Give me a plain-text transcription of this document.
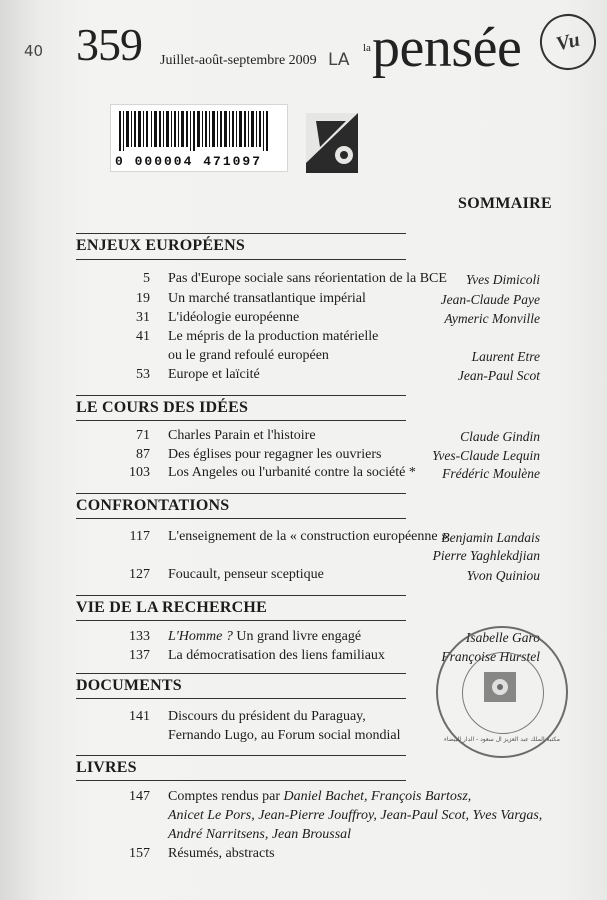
40 359 Juillet-août-septembre 2009 LA
la pensée	Vu
0 000004 471097
SOMMAIRE
ENJEUX EUROPÉENS
5 Pas d'Europe sociale sans réorientation de la BCE	Yves Dimicoli
19 Un marché transatlantique impérial	Jean-Claude Paye
31 L'idéologie européenne	Aymeric Monville
41 Le mépris de la production matérielle
ou le grand refoulé européen	Laurent Etre
53 Europe et laïcité	Jean-Paul Scot
LE COURS DES IDÉES
71 Charles Parain et l'histoire	Claude Gindin
87 Des églises pour regagner les ouvriers	Yves-Claude Lequin
103 Los Angeles ou l'urbanité contre la société *	Frédéric Moulène
CONFRONTATIONS
117 L'enseignement de la « construction européenne »
Benjamin Landais
Pierre Yaghlekdjian
127 Foucault, penseur sceptique	Yvon Quiniou
VIE DE LA RECHERCHE
133 L'Homme ? Un grand livre engagé	Isabelle Garo
137 La démocratisation des liens familiaux	Françoise Hurstel
DOCUMENTS
141 Discours du président du Paraguay,
Fernando Lugo, au Forum social mondial
LIVRES
147 Comptes rendus par Daniel Bachet, François Bartosz,
Anicet Le Pors, Jean-Pierre Jouffroy, Jean-Paul Scot, Yves Vargas,
André Narritsens, Jean Broussal
157 Résumés, abstracts
مكتبة الملك عبد العزيز آل سعود - الدار البيضاء
